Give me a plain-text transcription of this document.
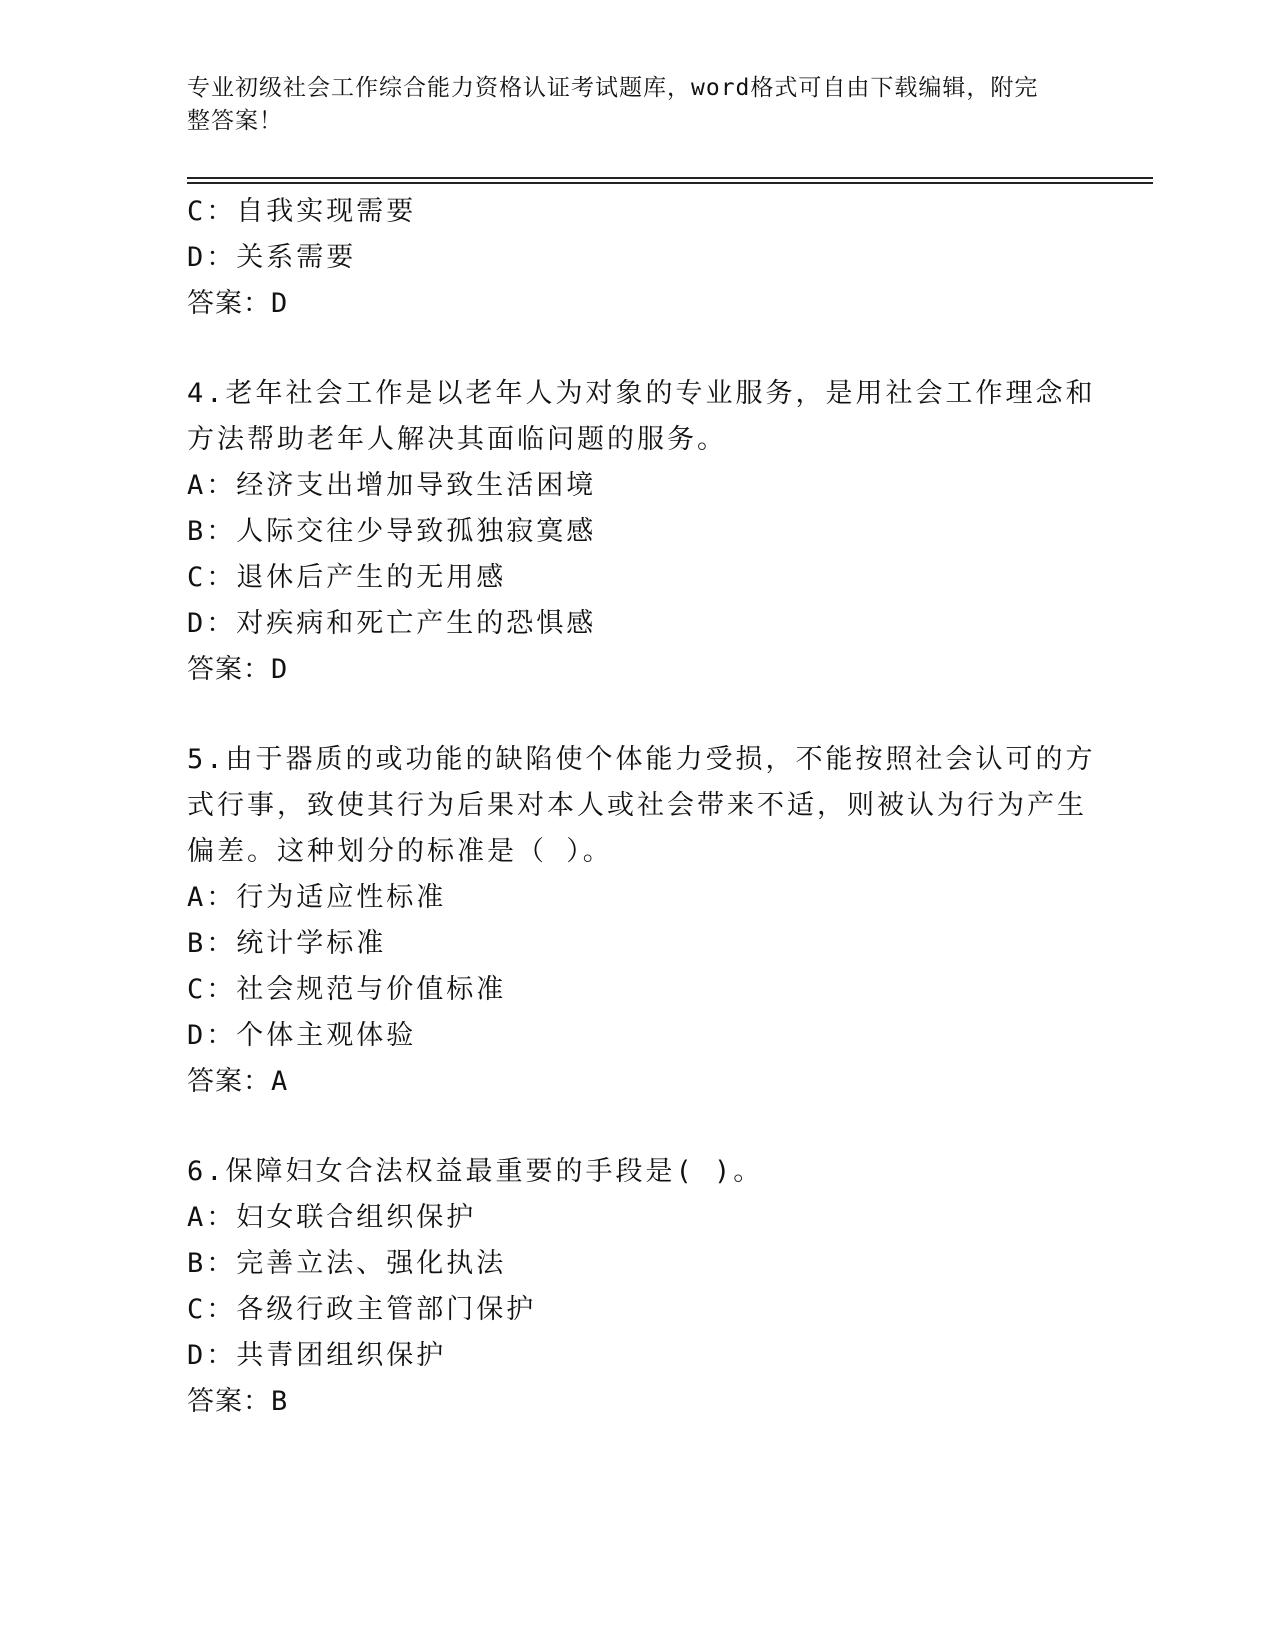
专业初级社会工作综合能力资格认证考试题库，word格式可自由下载编辑，附完
整答案！
C：自我实现需要
D：关系需要
答案：D
4.老年社会工作是以老年人为对象的专业服务，是用社会工作理念和
方法帮助老年人解决其面临问题的服务。
A：经济支出增加导致生活困境
B：人际交往少导致孤独寂寞感
C：退休后产生的无用感
D：对疾病和死亡产生的恐惧感
答案：D
5.由于器质的或功能的缺陷使个体能力受损，不能按照社会认可的方
式行事，致使其行为后果对本人或社会带来不适，则被认为行为产生
偏差。这种划分的标准是（ ）。
A：行为适应性标准
B：统计学标准
C：社会规范与价值标准
D：个体主观体验
答案：A
6.保障妇女合法权益最重要的手段是( )。
A：妇女联合组织保护
B：完善立法、强化执法
C：各级行政主管部门保护
D：共青团组织保护
答案：B
